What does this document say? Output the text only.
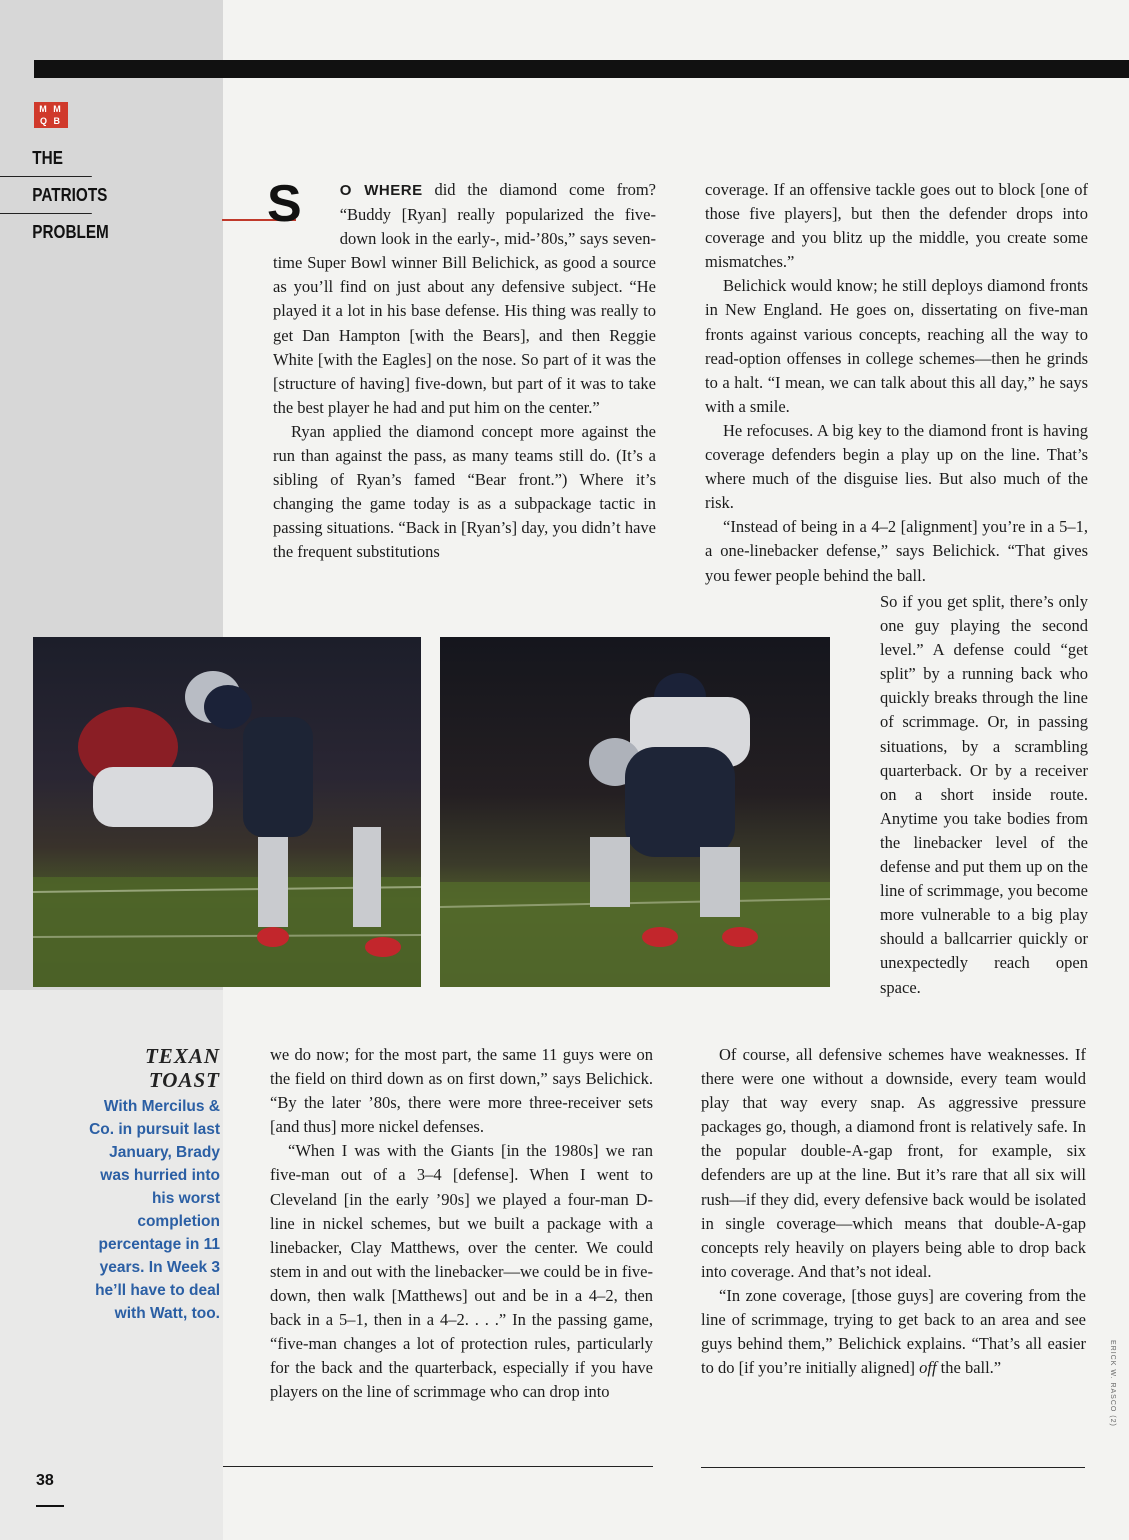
M M
Q B
THE
PATRIOTS
PROBLEM	S	O WHERE did the diamond come from? “Buddy [Ryan] really popularized the five-down look in the early-, mid-’80s,” says seven-time Super Bowl winner Bill Belichick, as good a source as you’ll find on just about any defensive subject. “He played it a lot in his base defense. His thing was really to get Dan Hampton [with the Bears], and then Reggie White [with the Eagles] on the nose. So part of it was the [structure of having] five-down, but part of it was to take the best player he had and put him on the center.”

Ryan applied the diamond concept more against the run than against the pass, as many teams still do. (It’s a sibling of Ryan’s famed “Bear front.”) Where it’s changing the game today is as a subpackage tactic in passing situations. “Back in [Ryan’s] day, you didn’t have the frequent substitutions

coverage. If an offensive tackle goes out to block [one of those five players], but then the defender drops into coverage and you blitz up the middle, you create some mismatches.”

Belichick would know; he still deploys diamond fronts in New England. He goes on, dissertating on five-man fronts against various concepts, reaching all the way to read-option offenses in college schemes—then he grinds to a halt. “I mean, we can talk about this all day,” he says with a smile.

He refocuses. A big key to the diamond front is having coverage defenders begin a play up on the line. That’s where much of the disguise lies. But also much of the risk.

“Instead of being in a 4–2 [alignment] you’re in a 5–1, a one-linebacker defense,” says Belichick. “That gives you fewer people behind the ball.

So if you get split, there’s only one guy playing the second level.” A defense could “get split” by a running back who quickly breaks through the line of scrimmage. Or, in passing situations, by a scrambling quarterback. Or by a receiver on a short inside route. Anytime you take bodies from the linebacker level of the defense and put them up on the line of scrimmage, you become more vulnerable to a big play should a ballcarrier quickly or unexpectedly reach open space.

TEXAN
TOAST
With Mercilus & Co. in pursuit last January, Brady was hurried into his worst completion percentage in 11 years. In Week 3 he’ll have to deal with Watt, too.

we do now; for the most part, the same 11 guys were on the field on third down as on first down,” says Belichick. “By the later ’80s, there were more three-receiver sets [and thus] more nickel defenses.

“When I was with the Giants [in the 1980s] we ran five-man out of a 3–4 [defense]. When I went to Cleveland [in the early ’90s] we played a four-man D-line in nickel schemes, but we built a package with a linebacker, Clay Matthews, over the center. We could stem in and out with the linebacker—we could be in five-down, then walk [Matthews] out and be in a 4–2, then back in a 5–1, then in a 4–2. . . .” In the passing game, “five-man changes a lot of protection rules, particularly for the back and the quarterback, especially if you have players on the line of scrimmage who can drop into

Of course, all defensive schemes have weaknesses. If there were one without a downside, every team would play that way every snap. As aggressive pressure packages go, though, a diamond front is relatively safe. In the popular double-A-gap front, for example, six defenders are up at the line. But it’s rare that all six will rush—if they did, every defensive back would be isolated in single coverage—which means that double-A-gap concepts rely heavily on players being able to drop back into coverage. And that’s not ideal.

“In zone coverage, [those guys] are covering from the line of scrimmage, trying to get back to an area and see guys behind them,” Belichick explains. “That’s all easier to do [if you’re initially aligned] off the ball.”	ERICK W. RASCO (2)
38
